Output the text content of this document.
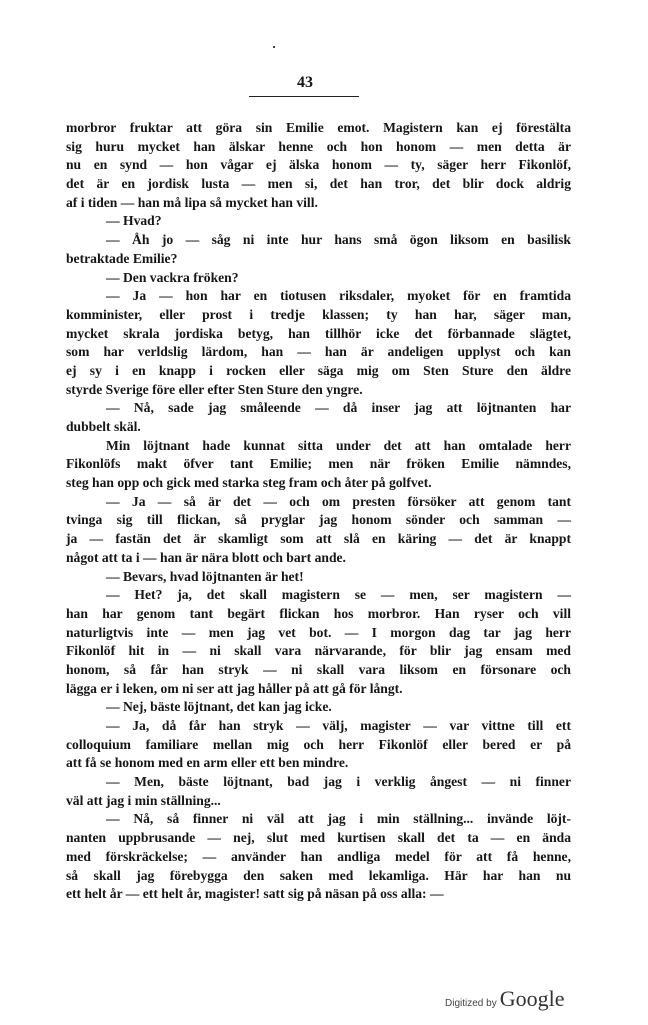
43
morbror fruktar att göra sin Emilie emot. Magistern kan ej förestälta
sig huru mycket han älskar henne och hon honom — men detta är
nu en synd — hon vågar ej älska honom — ty, säger herr Fikonlöf,
det är en jordisk lusta — men si, det han tror, det blir dock aldrig
af i tiden — han må lipa så mycket han vill.
— Hvad?
— Åh jo — såg ni inte hur hans små ögon liksom en basilisk
betraktade Emilie?
— Den vackra fröken?
— Ja — hon har en tiotusen riksdaler, myoket för en framtida
komminister, eller prost i tredje klassen; ty han har, säger man,
mycket skrala jordiska betyg, han tillhör icke det förbannade slägtet,
som har verldslig lärdom, han — han är andeligen upplyst och kan
ej sy i en knapp i rocken eller säga mig om Sten Sture den äldre
styrde Sverige före eller efter Sten Sture den yngre.
— Nå, sade jag småleende — då inser jag att löjtnanten har
dubbelt skäl.
Min löjtnant hade kunnat sitta under det att han omtalade herr
Fikonlöfs makt öfver tant Emilie; men när fröken Emilie nämndes,
steg han opp och gick med starka steg fram och åter på golfvet.
— Ja — så är det — och om presten försöker att genom tant
tvinga sig till flickan, så pryglar jag honom sönder och samman —
ja — fastän det är skamligt som att slå en käring — det är knappt
något att ta i — han är nära blott och bart ande.
— Bevars, hvad löjtnanten är het!
— Het? ja, det skall magistern se — men, ser magistern —
han har genom tant begärt flickan hos morbror. Han ryser och vill
naturligtvis inte — men jag vet bot. — I morgon dag tar jag herr
Fikonlöf hit in — ni skall vara närvarande, för blir jag ensam med
honom, så får han stryk — ni skall vara liksom en försonare och
lägga er i leken, om ni ser att jag håller på att gå för långt.
— Nej, bäste löjtnant, det kan jag icke.
— Ja, då får han stryk — välj, magister — var vittne till ett
colloquium familiare mellan mig och herr Fikonlöf eller bered er på
att få se honom med en arm eller ett ben mindre.
— Men, bäste löjtnant, bad jag i verklig ångest — ni finner
väl att jag i min ställning...
— Nå, så finner ni väl att jag i min ställning... invände löjt-
nanten uppbrusande — nej, slut med kurtisen skall det ta — en ända
med förskräckelse; — använder han andliga medel för att få henne,
så skall jag förebygga den saken med lekamliga. Här har han nu
ett helt år — ett helt år, magister! satt sig på näsan på oss alla: —
Digitized by Google
